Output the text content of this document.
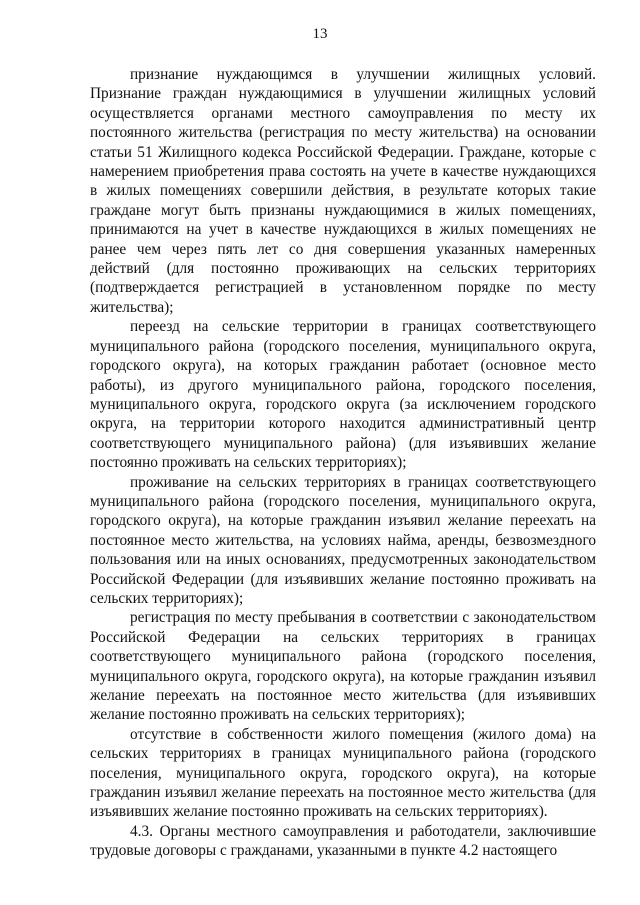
13

признание нуждающимся в улучшении жилищных условий. Признание граждан нуждающимися в улучшении жилищных условий осуществляется органами местного самоуправления по месту их постоянного жительства (регистрация по месту жительства) на основании статьи 51 Жилищного кодекса Российской Федерации. Граждане, которые с намерением приобретения права состоять на учете в качестве нуждающихся в жилых помещениях совершили действия, в результате которых такие граждане могут быть признаны нуждающимися в жилых помещениях, принимаются на учет в качестве нуждающихся в жилых помещениях не ранее чем через пять лет со дня совершения указанных намеренных действий (для постоянно проживающих на сельских территориях (подтверждается регистрацией в установленном порядке по месту жительства);

переезд на сельские территории в границах соответствующего муниципального района (городского поселения, муниципального округа, городского округа), на которых гражданин работает (основное место работы), из другого муниципального района, городского поселения, муниципального округа, городского округа (за исключением городского округа, на территории которого находится административный центр соответствующего муниципального района) (для изъявивших желание постоянно проживать на сельских территориях);

проживание на сельских территориях в границах соответствующего муниципального района (городского поселения, муниципального округа, городского округа), на которые гражданин изъявил желание переехать на постоянное место жительства, на условиях найма, аренды, безвозмездного пользования или на иных основаниях, предусмотренных законодательством Российской Федерации (для изъявивших желание постоянно проживать на сельских территориях);

регистрация по месту пребывания в соответствии с законодательством Российской Федерации на сельских территориях в границах соответствующего муниципального района (городского поселения, муниципального округа, городского округа), на которые гражданин изъявил желание переехать на постоянное место жительства (для изъявивших желание постоянно проживать на сельских территориях);

отсутствие в собственности жилого помещения (жилого дома) на сельских территориях в границах муниципального района (городского поселения, муниципального округа, городского округа), на которые гражданин изъявил желание переехать на постоянное место жительства (для изъявивших желание постоянно проживать на сельских территориях).

4.3. Органы местного самоуправления и работодатели, заключившие трудовые договоры с гражданами, указанными в пункте 4.2 настоящего
